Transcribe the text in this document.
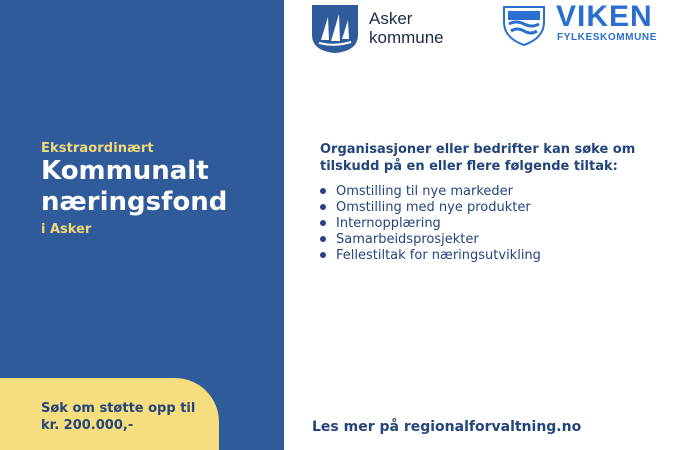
Ekstraordinært
Kommunalt
næringsfond
i Asker
Søk om støtte opp til kr. 200.000,-
Asker
kommune
VIKEN
FYLKESKOMMUNE
Organisasjoner eller bedrifter kan søke om tilskudd på en eller flere følgende tiltak:
Omstilling til nye markeder
Omstilling med nye produkter
Internopplæring
Samarbeidsprosjekter
Fellestiltak for næringsutvikling
Les mer på regionalforvaltning.no
